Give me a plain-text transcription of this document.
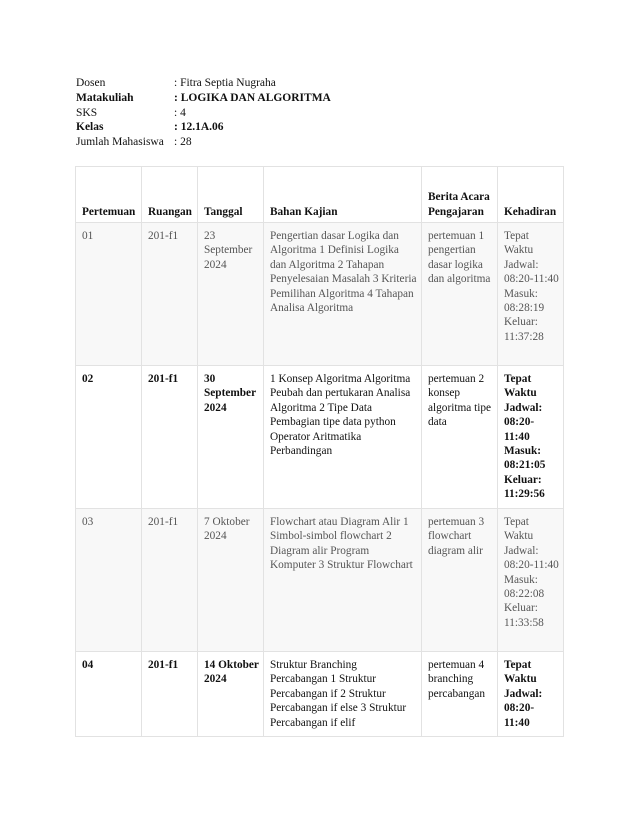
Dosen	: Fitra Septia Nugraha
Matakuliah	: LOGIKA DAN ALGORITMA
SKS	: 4
Kelas	: 12.1A.06
Jumlah Mahasiswa : 28
Pertemuan	Ruangan	Tanggal	Bahan Kajian	Berita Acara Pengajaran	Kehadiran
01	201-f1	23 September 2024	Pengertian dasar Logika dan Algoritma 1 Definisi Logika dan Algoritma 2 Tahapan Penyelesaian Masalah 3 Kriteria Pemilihan Algoritma 4 Tahapan Analisa Algoritma	pertemuan 1 pengertian dasar logika dan algoritma	Tepat Waktu Jadwal: 08:20-11:40 Masuk: 08:28:19 Keluar: 11:37:28
02	201-f1	30 September 2024	1 Konsep Algoritma Algoritma Peubah dan pertukaran Analisa Algoritma 2 Tipe Data Pembagian tipe data python Operator Aritmatika Perbandingan	pertemuan 2 konsep algoritma tipe data	Tepat Waktu Jadwal: 08:20-11:40 Masuk: 08:21:05 Keluar: 11:29:56
03	201-f1	7 Oktober 2024	Flowchart atau Diagram Alir 1 Simbol-simbol flowchart 2 Diagram alir Program Komputer 3 Struktur Flowchart	pertemuan 3 flowchart diagram alir	Tepat Waktu Jadwal: 08:20-11:40 Masuk: 08:22:08 Keluar: 11:33:58
04	201-f1	14 Oktober 2024	Struktur Branching Percabangan 1 Struktur Percabangan if 2 Struktur Percabangan if else 3 Struktur Percabangan if elif	pertemuan 4 branching percabangan	Tepat Waktu Jadwal: 08:20-11:40
